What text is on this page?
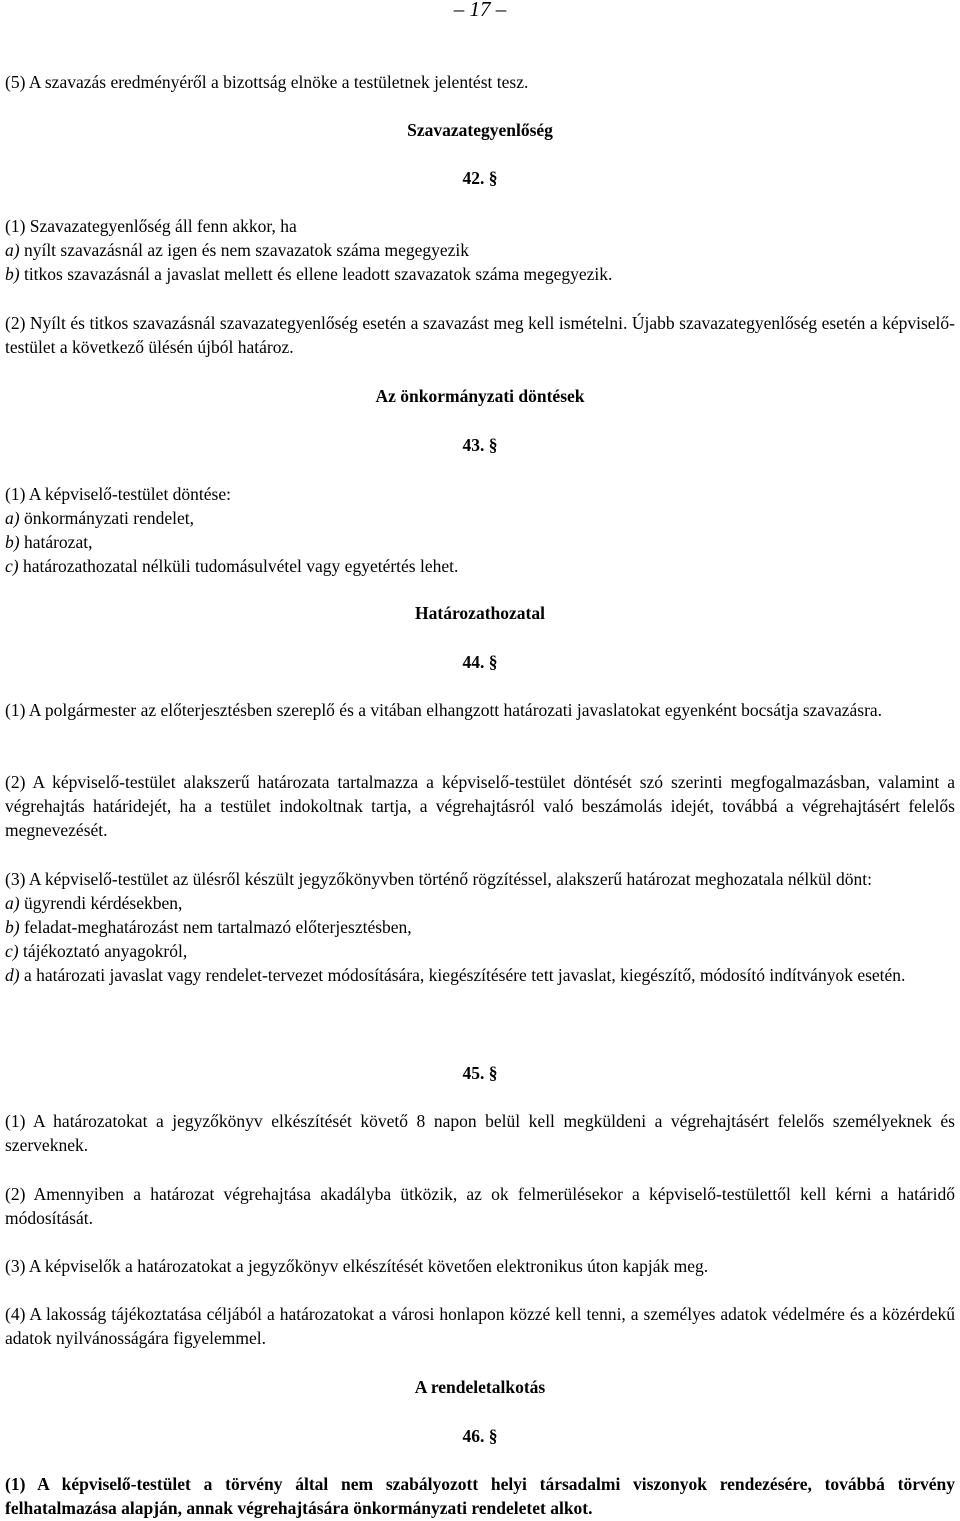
– 17 –

(5) A szavazás eredményéről a bizottság elnöke a testületnek jelentést tesz.

Szavazategyenlőség

42. §

(1) Szavazategyenlőség áll fenn akkor, ha

a) nyílt szavazásnál az igen és nem szavazatok száma megegyezik

b) titkos szavazásnál a javaslat mellett és ellene leadott szavazatok száma megegyezik.

(2) Nyílt és titkos szavazásnál szavazategyenlőség esetén a szavazást meg kell ismételni. Újabb szavazategyenlőség esetén a képviselő-testület a következő ülésén újból határoz.

Az önkormányzati döntések

43. §

(1) A képviselő-testület döntése:

a) önkormányzati rendelet,

b) határozat,

c) határozathozatal nélküli tudomásulvétel vagy egyetértés lehet.

Határozathozatal

44. §

(1) A polgármester az előterjesztésben szereplő és a vitában elhangzott határozati javaslatokat egyenként bocsátja szavazásra.

(2) A képviselő-testület alakszerű határozata tartalmazza a képviselő-testület döntését szó szerinti megfogalmazásban, valamint a végrehajtás határidejét, ha a testület indokoltnak tartja, a végrehajtásról való beszámolás idejét, továbbá a végrehajtásért felelős megnevezését.

(3) A képviselő-testület az ülésről készült jegyzőkönyvben történő rögzítéssel, alakszerű határozat meghozatala nélkül dönt:

a) ügyrendi kérdésekben,

b) feladat-meghatározást nem tartalmazó előterjesztésben,

c) tájékoztató anyagokról,

d) a határozati javaslat vagy rendelet-tervezet módosítására, kiegészítésére tett javaslat, kiegészítő, módosító indítványok esetén.

45. §

(1) A határozatokat a jegyzőkönyv elkészítését követő 8 napon belül kell megküldeni a végrehajtásért felelős személyeknek és szerveknek.

(2) Amennyiben a határozat végrehajtása akadályba ütközik, az ok felmerülésekor a képviselő-testülettől kell kérni a határidő módosítását.

(3) A képviselők a határozatokat a jegyzőkönyv elkészítését követően elektronikus úton kapják meg.

(4) A lakosság tájékoztatása céljából a határozatokat a városi honlapon közzé kell tenni, a személyes adatok védelmére és a közérdekű adatok nyilvánosságára figyelemmel.

A rendeletalkotás

46. §

(1) A képviselő-testület a törvény által nem szabályozott helyi társadalmi viszonyok rendezésére, továbbá törvény felhatalmazása alapján, annak végrehajtására önkormányzati rendeletet alkot.
